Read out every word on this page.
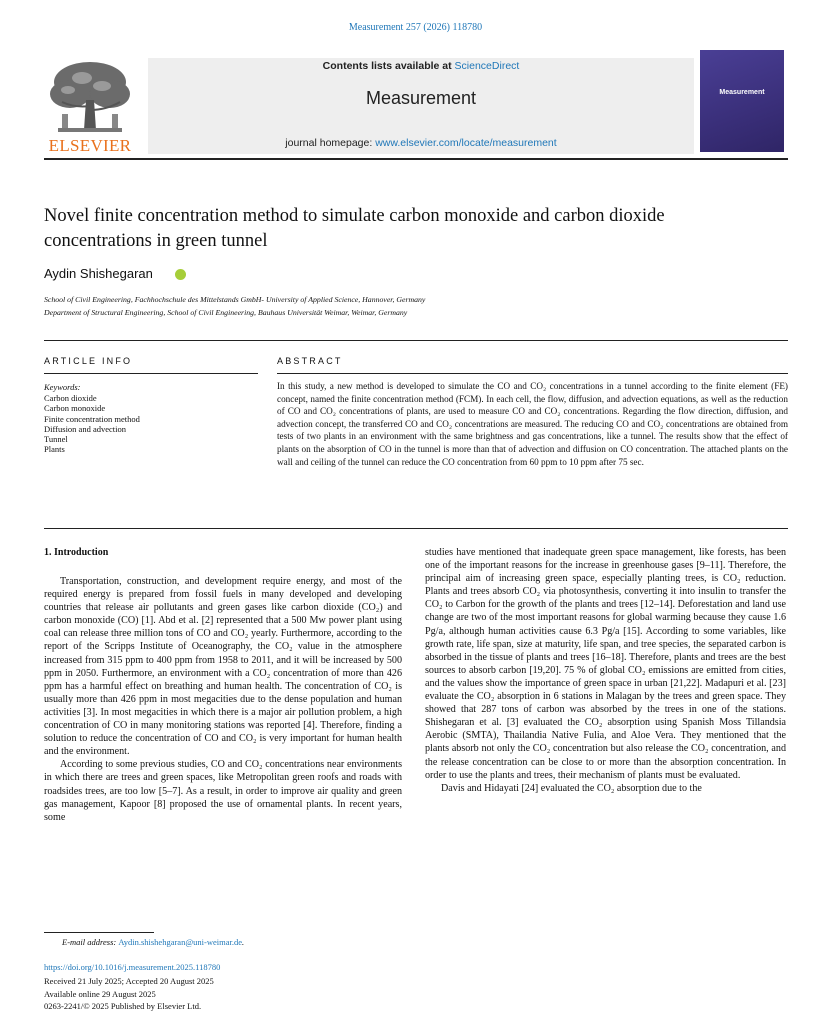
Measurement 257 (2026) 118780
Contents lists available at ScienceDirect
Measurement
journal homepage: www.elsevier.com/locate/measurement
ELSEVIER
Measurement
Novel finite concentration method to simulate carbon monoxide and carbon dioxide concentrations in green tunnel
Aydin Shishegaran
School of Civil Engineering, Fachhochschule des Mittelstands GmbH- University of Applied Science, Hannover, Germany
Department of Structural Engineering, School of Civil Engineering, Bauhaus Universität Weimar, Weimar, Germany
ARTICLE INFO
Keywords:
Carbon dioxide
Carbon monoxide
Finite concentration method
Diffusion and advection
Tunnel
Plants
ABSTRACT
In this study, a new method is developed to simulate the CO and CO₂ concentrations in a tunnel according to the finite element (FE) concept, named the finite concentration method (FCM). In each cell, the flow, diffusion, and advection equations, as well as the reduction of CO and CO₂ concentrations of plants, are used to measure CO and CO₂ concentrations. Regarding the flow direction, diffusion, and advection concept, the transferred CO and CO₂ concentrations are measured. The reducing CO and CO₂ concentrations are obtained from tests of two plants in an environment with the same brightness and gas concentrations, like a tunnel. The results show that the effect of plants on the absorption of CO in the tunnel is more than that of advection and diffusion on CO concentration. The attached plants on the wall and ceiling of the tunnel can reduce the CO concentration from 60 ppm to 10 ppm after 75 sec.
1. Introduction

Transportation, construction, and development require energy, and most of the required energy is prepared from fossil fuels in many developed and developing countries that release air pollutants and green gases like carbon dioxide (CO₂) and carbon monoxide (CO) [1]. Abd et al. [2] represented that a 500 Mw power plant using coal can release three million tons of CO and CO₂ yearly. Furthermore, according to the report of the Scripps Institute of Oceanography, the CO₂ value in the atmosphere increased from 315 ppm to 400 ppm from 1958 to 2011, and it will be increased by 500 ppm in 2050. Furthermore, an environment with a CO₂ concentration of more than 426 ppm has a harmful effect on breathing and human health. The concentration of CO₂ is usually more than 426 ppm in most megacities due to the dense population and human activities [3]. In most megacities in which there is a major air pollution problem, a high concentration of CO in many monitoring stations was reported [4]. Therefore, finding a solution to reduce the concentration of CO and CO₂ is very important for human health and the environment.

According to some previous studies, CO and CO₂ concentrations near environments in which there are trees and green spaces, like Metropolitan green roofs and roads with roadsides trees, are too low [5–7]. As a result, in order to improve air quality and green gas management, Kapoor [8] proposed the use of ornamental plants. In recent years, some

studies have mentioned that inadequate green space management, like forests, has been one of the important reasons for the increase in greenhouse gases [9–11]. Therefore, the principal aim of increasing green space, especially planting trees, is CO₂ reduction. Plants and trees absorb CO₂ via photosynthesis, converting it into insulin to transfer the CO₂ to Carbon for the growth of the plants and trees [12–14]. Deforestation and land use change are two of the most important reasons for global warming because they cause 1.6 Pg/a, although human activities cause 6.3 Pg/a [15]. According to some variables, like growth rate, life span, size at maturity, life span, and tree species, the separated carbon is absorbed in the tissue of plants and trees [16–18]. Therefore, plants and trees are the best sources to absorb carbon [19,20]. 75 % of global CO₂ emissions are emitted from cities, and the values show the importance of green space in urban [21,22]. Madapuri et al. [23] evaluate the CO₂ absorption in 6 stations in Malagan by the trees and green space. They showed that 287 tons of carbon was absorbed by the trees in one of the stations. Shishegaran et al. [3] evaluated the CO₂ absorption using Spanish Moss Tillandsia Aerobic (SMTA), Thailandia Native Fulia, and Aloe Vera. They mentioned that the plants absorb not only the CO₂ concentration but also release the CO₂ concentration, and the release concentration can be close to or more than the absorption concentration. In order to use the plants and trees, their mechanism of plants must be evaluated.

Davis and Hidayati [24] evaluated the CO₂ absorption due to the

E-mail address: Aydin.shishehgaran@uni-weimar.de.
https://doi.org/10.1016/j.measurement.2025.118780
Received 21 July 2025; Accepted 20 August 2025
Available online 29 August 2025
0263-2241/© 2025 Published by Elsevier Ltd.
